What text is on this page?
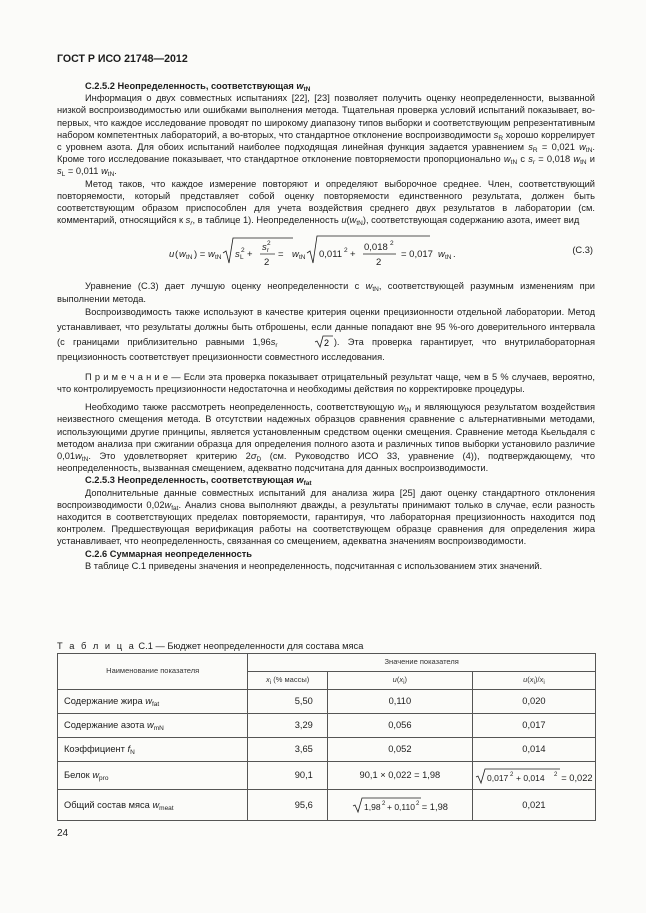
ГОСТ Р ИСО 21748—2012

C.2.5.2 Неопределенность, соответствующая $w_{tN}$

Информация о двух совместных испытаниях [22], [23] позволяет получить оценку неопределенности, вызванной низкой воспроизводимостью или ошибками выполнения метода. Тщательная проверка условий испытаний показывает, во-первых, что каждое исследование проводят по широкому диапазону типов выборки и соответствующим репрезентативным набором компетентных лабораторий, а во-вторых, что стандартное отклонение воспроизводимости $s_R$ хорошо коррелирует с уровнем азота. Для обоих испытаний наиболее подходящая линейная функция задается уравнением $s_R = 0,021$ $w_{tN}$. Кроме того исследование показывает, что стандартное отклонение повторяемости пропорционально $w_{tN}$ с $s_r = 0,018$ $w_{tN}$ и $s_L = 0,011$ $w_{tN}$.

Метод таков, что каждое измерение повторяют и определяют выборочное среднее. Член, соответствующий повторяемости, который представляет собой оценку повторяемости единственного результата, должен быть соответствующим образом приспособлен для учета воздействия среднего двух результатов в лаборатории (см. комментарий, относящийся к $s_r$, в таблице 1). Неопределенность $u(w_{tN})$, соответствующая содержанию азота, имеет вид

u ( w tN ) = w tN s L
2 +
s r
2
2
= w tN 0,011 2 +
0,018 2
2
= 0,017 w tN .	(C.3)

Уравнение (C.3) дает лучшую оценку неопределенности с $w_{tN}$, соответствующей разумным изменениям при выполнении метода.

Воспроизводимость также используют в качестве критерия оценки прецизионности отдельной лаборатории. Метод устанавливает, что результаты должны быть отброшены, если данные попадают вне 95 %-ого доверительного интервала (с границами приблизительно равными $1,96s_r$	2 ). Эта проверка гарантирует, что внутрилабораторная прецизионность соответствует прецизионности совместного исследования.

П р и м е ч а н и е — Если эта проверка показывает отрицательный результат чаще, чем в 5 % случаев, вероятно, что контролируемость прецизионности недостаточна и необходимы действия по корректировке процедуры.

Необходимо также рассмотреть неопределенность, соответствующую $w_{tN}$ и являющуюся результатом воздействия неизвестного смещения метода. В отсутствии надежных образцов сравнения сравнение с альтернативными методами, использующими другие принципы, является установленным средством оценки смещения. Сравнение метода Кьельдаля с методом анализа при сжигании образца для определения полного азота и различных типов выборки установило различие $0,01w_{tN}$. Это удовлетворяет критерию $2\sigma_D$ (см. Руководство ИСО 33, уравнение (4)), подтверждающему, что неопределенность, вызванная смещением, адекватно подсчитана для данных воспроизводимости.

C.2.5.3 Неопределенность, соответствующая $w_{fat}$

Дополнительные данные совместных испытаний для анализа жира [25] дают оценку стандартного отклонения воспроизводимости $0,02w_{fat}$. Анализ снова выполняют дважды, а результаты принимают только в случае, если разность находится в соответствующих пределах повторяемости, гарантируя, что лабораторная прецизионность находится под контролем. Предшествующая верификация работы на соответствующем образце сравнения для определения жира устанавливает, что неопределенность, связанная со смещением, адекватна значениям воспроизводимости.

C.2.6 Суммарная неопределенность

В таблице C.1 приведены значения и неопределенность, подсчитанная с использованием этих значений.

Т а б л и ц а C.1 — Бюджет неопределенности для состава мяса
Наименование показателя	Значение показателя		
	$x_i$ (% массы)	$u(x_i)$	$u(x_i)/x_i$
Содержание жира $w_{fat}$	5,50	0,110	0,020
Содержание азота $w_{mN}$	3,29	0,056	0,017
Коэффициент $f_N$	3,65	0,052	0,014
Белок $w_{pro}$	90,1	90,1 × 0,022 = 1,98	0,017 2 + 0,014 2 = 0,022
Общий состав мяса $w_{meat}$	95,6	1,98 2 + 0,110 2 = 1,98	0,021
24
